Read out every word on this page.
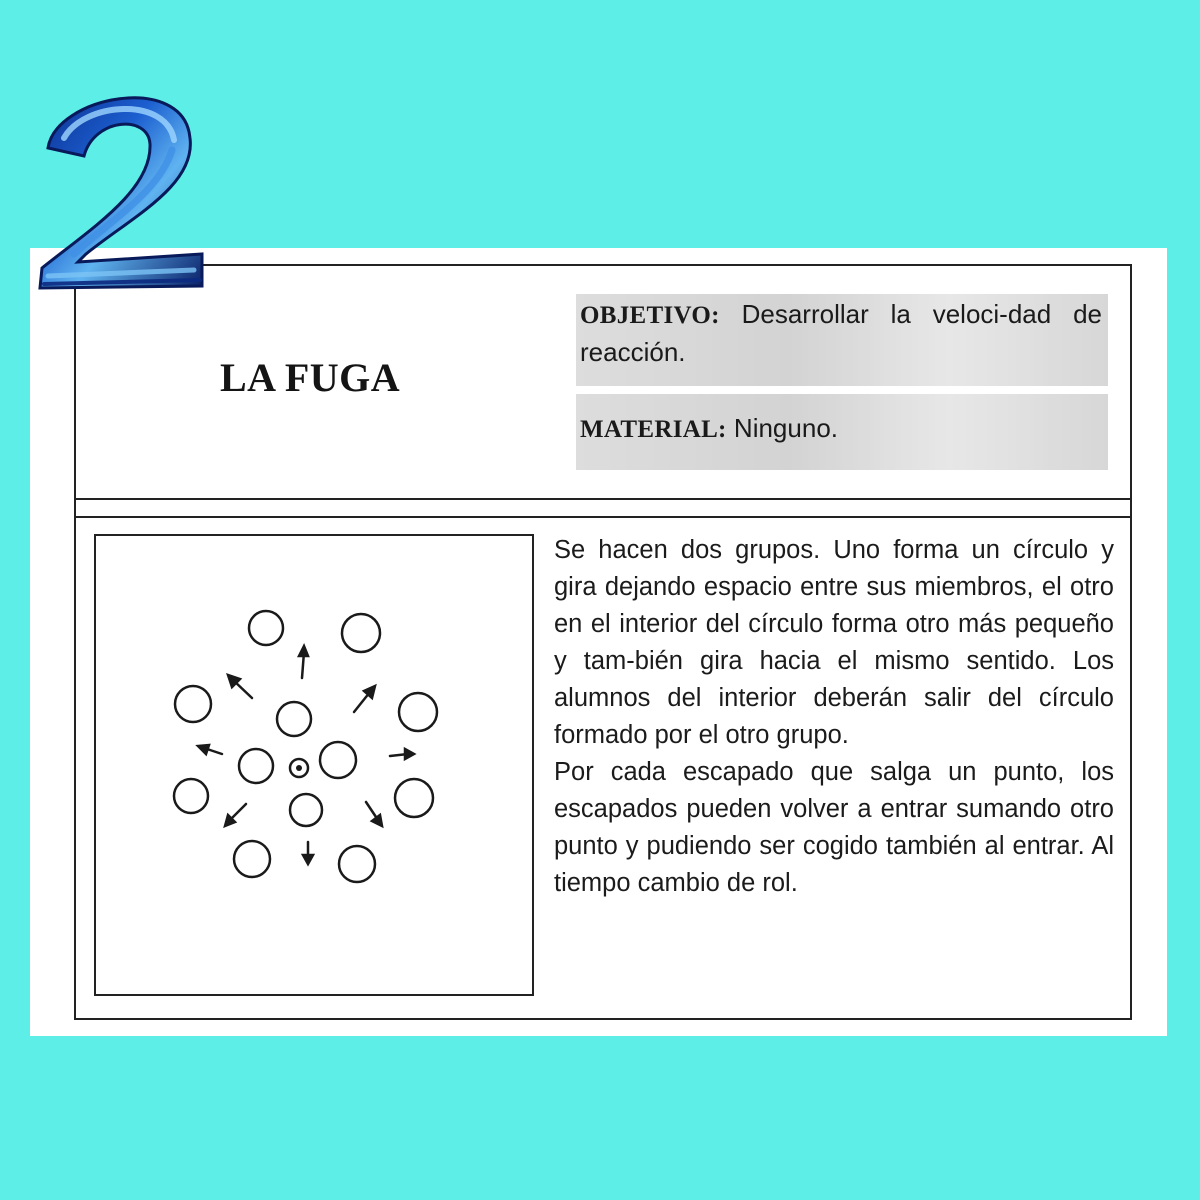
LA FUGA
OBJETIVO: Desarrollar la veloci-dad de reacción.
MATERIAL: Ninguno.

Se hacen dos grupos. Uno forma un círculo y gira dejando espacio entre sus miembros, el otro en el interior del círculo forma otro más pequeño y tam-bién gira hacia el mismo sentido. Los alumnos del interior deberán salir del círculo formado por el otro grupo.

Por cada escapado que salga un punto, los escapados pueden volver a entrar sumando otro punto y pudiendo ser cogido también al entrar. Al tiempo cambio de rol.
